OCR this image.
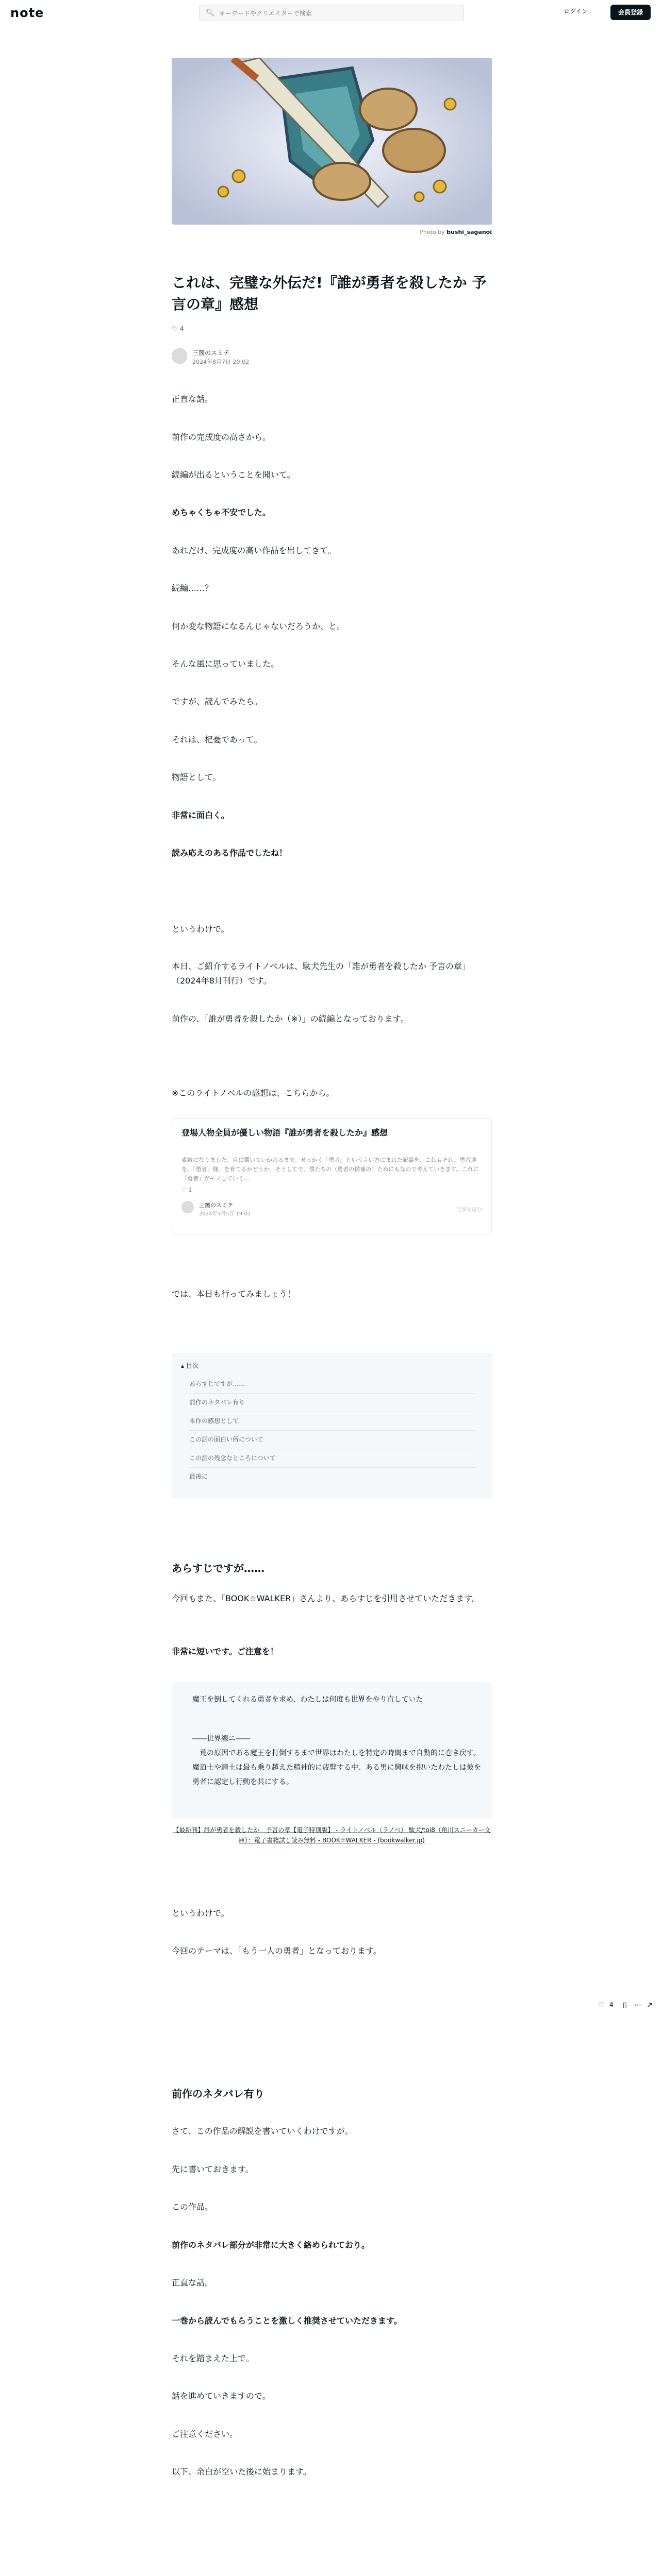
note	🔍︎
キーワードやクリエイターで検索	ログイン	会員登録
Photo by bushi_saganoi
これは、完璧な外伝だ!『誰が勇者を殺したか 予言の章』感想
♡ 4
三箇のスミテ
2024年8月7日 20:02

正直な話。

前作の完成度の高さから。

続編が出るということを聞いて。

めちゃくちゃ不安でした。

あれだけ、完成度の高い作品を出してきて。

続編……？

何か変な物語になるんじゃないだろうか、と。

そんな風に思っていました。

ですが、読んでみたら。

それは、杞憂であって。

物語として。

非常に面白く。

読み応えのある作品でしたね！

というわけで。

本日、ご紹介するライトノベルは、駄犬先生の「誰が勇者を殺したか 予言の章」（2024年8月刊行）です。

前作の、「誰が勇者を殺したか（※）」の続編となっております。

※このライトノベルの感想は、こちらから。

では、本日も行ってみましょう！

今回もまた、「BOOK☆WALKER」さんより、あらすじを引用させていただきます。

非常に短いです。ご注意を！

というわけで。

今回のテーマは、「もう一人の勇者」となっております。

さて、この作品の解説を書いていくわけですが。

先に書いておきます。

この作品。

前作のネタバレ部分が非常に大きく絡められており。

正直な話。

一巻から読んでもらうことを激しく推奨させていただきます。

それを踏まえた上で。

話を進めていきますので。

ご注意ください。

以下、余白が空いた後に始まります。

登場人物全員が優しい物語『誰が勇者を殺したか』感想
素敵になりました。自に響いていかれるまで。せっかく「勇者」という言い方にまれた記事を、これもそれ。勇者達を。「勇者」様。を育てるかどうか。そうしてで。僕たちの（勇者の候補の）ためにもなので考えていきます。これに「勇者」がモノしていく…
♡ 1
三箇のスミテ
2024年3月5日 19:07
記事を読む
▴ 目次
あらすじですが……
前作のネタバレ有り
本作の感想として
この話の面白い所について
この話の残念なところについて
最後に
あらすじですが……
魔王を倒してくれる勇者を求め、わたしは何度も世界をやり直していた
――世界線ニ――
　荒の原因である魔王を打倒するまで世界はわたしを特定の時間まで自動的に巻き戻す。魔道士や騎士は最も乗り越えた精神的に疲弊する中、ある男に興味を抱いたわたしは彼を勇者に認定し行動を共にする。
【最新刊】誰が勇者を殺したか　予言の章【電子特別版】 - ライトノベル（ラノベ） 駄犬/toi8（角川スニーカー文庫）：電子書籍試し読み無料 - BOOK☆WALKER - (bookwalker.jp)
♡ 4 ▯ ⋯ ↗
前作のネタバレ有り
